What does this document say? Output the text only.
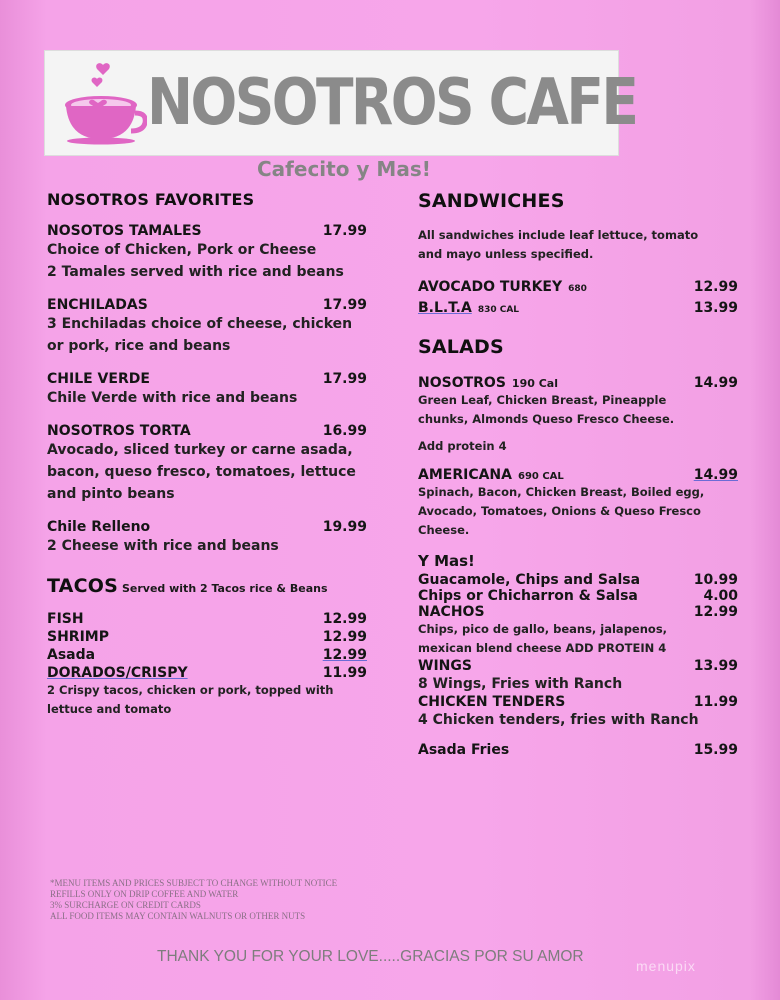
NOSOTROS CAFE
Cafecito y Mas!
NOSOTROS FAVORITES
NOSOTOS TAMALES	17.99
Choice of Chicken, Pork or Cheese
2 Tamales served with rice and beans
ENCHILADAS	17.99
3 Enchiladas choice of cheese, chicken
or pork, rice and beans
CHILE VERDE	17.99
Chile Verde with rice and beans
NOSOTROS TORTA	16.99
Avocado, sliced turkey or carne asada,
bacon, queso fresco, tomatoes, lettuce
and pinto beans
Chile Relleno	19.99
2 Cheese with rice and beans
TACOS Served with 2 Tacos rice & Beans
FISH	12.99
SHRIMP	12.99
Asada	12.99
DORADOS/CRISPY	11.99
2 Crispy tacos, chicken or pork, topped with
lettuce and tomato
SANDWICHES
All sandwiches include leaf lettuce, tomato
and mayo unless specified.
AVOCADO TURKEY 680	12.99
B.L.T.A 830 CAL	13.99
SALADS
NOSOTROS 190 Cal	14.99
Green Leaf, Chicken Breast, Pineapple
chunks, Almonds Queso Fresco Cheese.
Add protein 4
AMERICANA 690 CAL	14.99
Spinach, Bacon, Chicken Breast, Boiled egg,
Avocado, Tomatoes, Onions & Queso Fresco
Cheese.
Y Mas!
Guacamole, Chips and Salsa	10.99
Chips or Chicharron & Salsa	4.00
NACHOS	12.99
Chips, pico de gallo, beans, jalapenos,
mexican blend cheese ADD PROTEIN 4
WINGS	13.99
8 Wings, Fries with Ranch
CHICKEN TENDERS	11.99
4 Chicken tenders, fries with Ranch
Asada Fries	15.99
*MENU ITEMS AND PRICES SUBJECT TO CHANGE WITHOUT NOTICE
REFILLS ONLY ON DRIP COFFEE AND WATER
3% SURCHARGE ON CREDIT CARDS
ALL FOOD ITEMS MAY CONTAIN WALNUTS OR OTHER NUTS
THANK YOU FOR YOUR LOVE.....GRACIAS POR SU AMOR
menupix
